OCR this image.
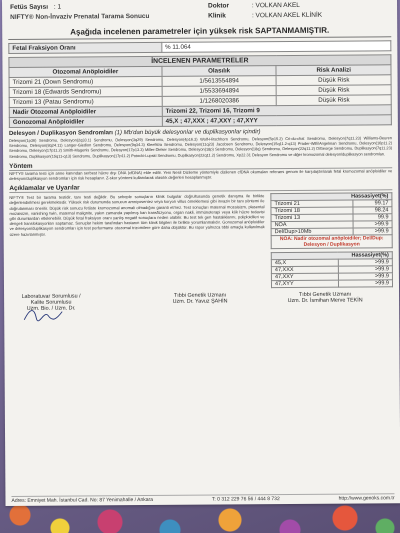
Fetüs Sayısı : 1
NIFTY® Non-İnvaziv Prenatal Tarama Sonucu
Doktor	: VOLKAN AKEL
Klinik	: VOLKAN AKEL KLİNİK
Aşağıda incelenen parametreler için yüksek risk SAPTANMAMIŞTIR.
Fetal Fraksiyon Oranı	% 11.064
İNCELENEN PARAMETRELER		
Otozomal Anöploidiler	Olasılık	Risk Analizi
Trizomi 21 (Down Sendromu)	1/5613554894	Düşük Risk
Trizomi 18 (Edwards Sendromu)	1/5533694894	Düşük Risk
Trizomi 13 (Patau Sendromu)	1/1268020386	Düşük Risk
Nadir Otozomal Anöploidiler	Trizomi 22, Trizomi 16, Trizomi 9	
Gonozomal Anöploidiler	45,X ; 47,XXX ; 47,XXY ; 47,XYY	
Delesyon / Duplikasyon Sendromları (1) Mb'dan büyük delesyonlar ve duplikasyonlar içindir)
Delesyon(1p36) Sendromu, Delesyon(2q33.1) Sendromu, Delesyon(3q29) Sendromu, Delesyon(4p16.3) Wolf-Hirschhorn Sendromu, Delesyon(5p15.2) Cri-du-chat Sendromu, Delesyon(7q11.23) Williams-Beuren Sendromu, Delesyon(8q24.11) Langer-Giedion Sendromu, Delesyon(9q34.3) Kleefstra Sendromu, Delesyon(11q23) Jacobsen Sendromu, Delesyon(15q11.2-q13) Prader-Willi/Angelman Sendromu, Delesyon(16p11.2) Sendromu, Delesyon(17p11.2) Smith-Magenis Sendromu, Delesyon(17p13.3) Miller-Dieker Sendromu, Delesyon(18p) Sendromu, Delesyon(18q) Sendromu, Delesyon(22q11.2) DiGeorge Sendromu, Duplikasyon(7q11.23) Sendromu, Duplikasyon(15q11-q13) Sendromu, Duplikasyon(17p11.2) Potocki-Lupski Sendromu, Duplikasyon(22q11.2) Sendromu, Xp22.31 Delesyon Sendromu ve diğer kromozomal delesyon/duplikasyon sendromları.
Yöntem
NIFTY® tarama testi için anne kanından serbest hücre dışı DNA (cfDNA) elde edilir. Yeni Nesil Dizileme yöntemiyle dizilenen cfDNA okumaları referans genom ile karşılaştırılarak fetal kromozomal anöploidiler ve delesyon/duplikasyon sendromları için risk hesaplanır. Z-skor yöntemi kullanılarak olasılık değerleri hesaplanmıştır.
Açıklamalar ve Uyarılar
NIFTY® Test bir tarama testidir, tanı testi değildir. Bu sebeple sonuçların klinik bulgular doğrultusunda genetik danışma ile birlikte değerlendirilmesi gerekmektedir. Yüksek risk durumunda sonucun amniyosentez veya koryon villus örneklemesi gibi invaziv bir tanı yöntemi ile doğrulanması önerilir. Düşük risk sonucu fetüste kromozomal anomali olmadığını garanti etmez. Test sonuçları maternal mozaisizm, plasental mozaisizm, vanishing twin, maternal malignite, yakın zamanda yapılmış kan transfüzyonu, organ nakli, immünoterapi veya kök hücre tedavisi gibi durumlardan etkilenebilir. Düşük fetal fraksiyon oranı yanlış negatif sonuçlara neden olabilir. Bu test tek gen hastalıklarını, poliploidileri ve dengeli translokasyonları saptamaz. Sonuçlar hekim tarafından hastanın tüm klinik bilgileri ile birlikte yorumlanmalıdır. Gonozomal anöploidiler ve delesyon/duplikasyon sendromları için test performansı otozomal trizomilere göre daha düşüktür. Bu rapor yalnızca tıbbi amaçla kullanılmak üzere hazırlanmıştır.
Hassasiyet(%)	
Trizomi 21	99.17
Trizomi 18	98.24
Trizomi 13	99.9
NOA	>99.9
Del/Dup>10Mb	>99.9
NOA: Nadir otozomal anöploidiler; Del/Dup: Delesyon / Duplikasyon	
Hassasiyet(%)	
45,X	>99.9
47,XXX	>99.9
47,XXY	>99.9
47,XYY	>99.9
Laboratuvar Sorumlusu / Kalite Sorumlusu
Uzm. Bio. / Uzm. Dr.
Tıbbi Genetik Uzmanı
Uzm. Dr. Yavuz ŞAHİN
Tıbbi Genetik Uzmanı
Uzm. Dr. İsmihan Merve TEKİN
Adres: Emniyet Mah. İstanbul Cad. No: 87 Yenimahalle / Ankara	T: 0 312 229 76 56 / 444 8 732	http://www.genoks.com.tr
